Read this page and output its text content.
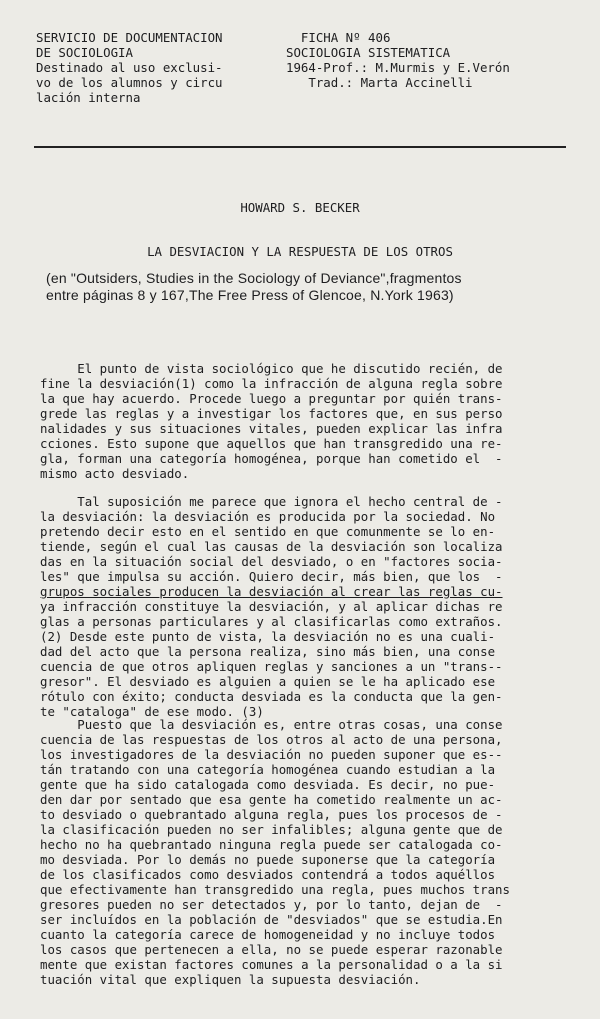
SERVICIO DE DOCUMENTACION
DE SOCIOLOGIA
Destinado al uso exclusi-
vo de los alumnos y circu
lación interna
FICHA Nº 406
SOCIOLOGIA SISTEMATICA
1964-Prof.: M.Murmis y E.Verón
Trad.: Marta Accinelli
HOWARD S. BECKER
LA DESVIACION Y LA RESPUESTA DE LOS OTROS
(en "Outsiders, Studies in the Sociology of Deviance",fragmentos
entre páginas 8 y 167,The Free Press of Glencoe, N.York 1963)
El punto de vista sociológico que he discutido recién, de
fine la desviación(1) como la infracción de alguna regla sobre
la que hay acuerdo. Procede luego a preguntar por quién trans-
grede las reglas y a investigar los factores que, en sus perso
nalidades y sus situaciones vitales, pueden explicar las infra
cciones. Esto supone que aquellos que han transgredido una re-
gla, forman una categoría homogénea, porque han cometido el  -
mismo acto desviado.
Tal suposición me parece que ignora el hecho central de -
la desviación: la desviación es producida por la sociedad. No
pretendo decir esto en el sentido en que comunmente se lo en-
tiende, según el cual las causas de la desviación son localiza
das en la situación social del desviado, o en "factores socia-
les" que impulsa su acción. Quiero decir, más bien, que los  -
grupos sociales producen la desviación al crear las reglas cu-
ya infracción constituye la desviación, y al aplicar dichas re
glas a personas particulares y al clasificarlas como extraños.
(2) Desde este punto de vista, la desviación no es una cuali-
dad del acto que la persona realiza, sino más bien, una conse
cuencia de que otros apliquen reglas y sanciones a un "trans--
gresor". El desviado es alguien a quien se le ha aplicado ese
rótulo con éxito; conducta desviada es la conducta que la gen-
te "cataloga" de ese modo. (3)
Puesto que la desviación es, entre otras cosas, una conse
cuencia de las respuestas de los otros al acto de una persona,
los investigadores de la desviación no pueden suponer que es--
tán tratando con una categoría homogénea cuando estudian a la
gente que ha sido catalogada como desviada. Es decir, no pue-
den dar por sentado que esa gente ha cometido realmente un ac-
to desviado o quebrantado alguna regla, pues los procesos de -
la clasificación pueden no ser infalibles; alguna gente que de
hecho no ha quebrantado ninguna regla puede ser catalogada co-
mo desviada. Por lo demás no puede suponerse que la categoría
de los clasificados como desviados contendrá a todos aquéllos
que efectivamente han transgredido una regla, pues muchos trans
gresores pueden no ser detectados y, por lo tanto, dejan de  -
ser incluídos en la población de "desviados" que se estudia.En
cuanto la categoría carece de homogeneidad y no incluye todos
los casos que pertenecen a ella, no se puede esperar razonable
mente que existan factores comunes a la personalidad o a la si
tuación vital que expliquen la supuesta desviación.
